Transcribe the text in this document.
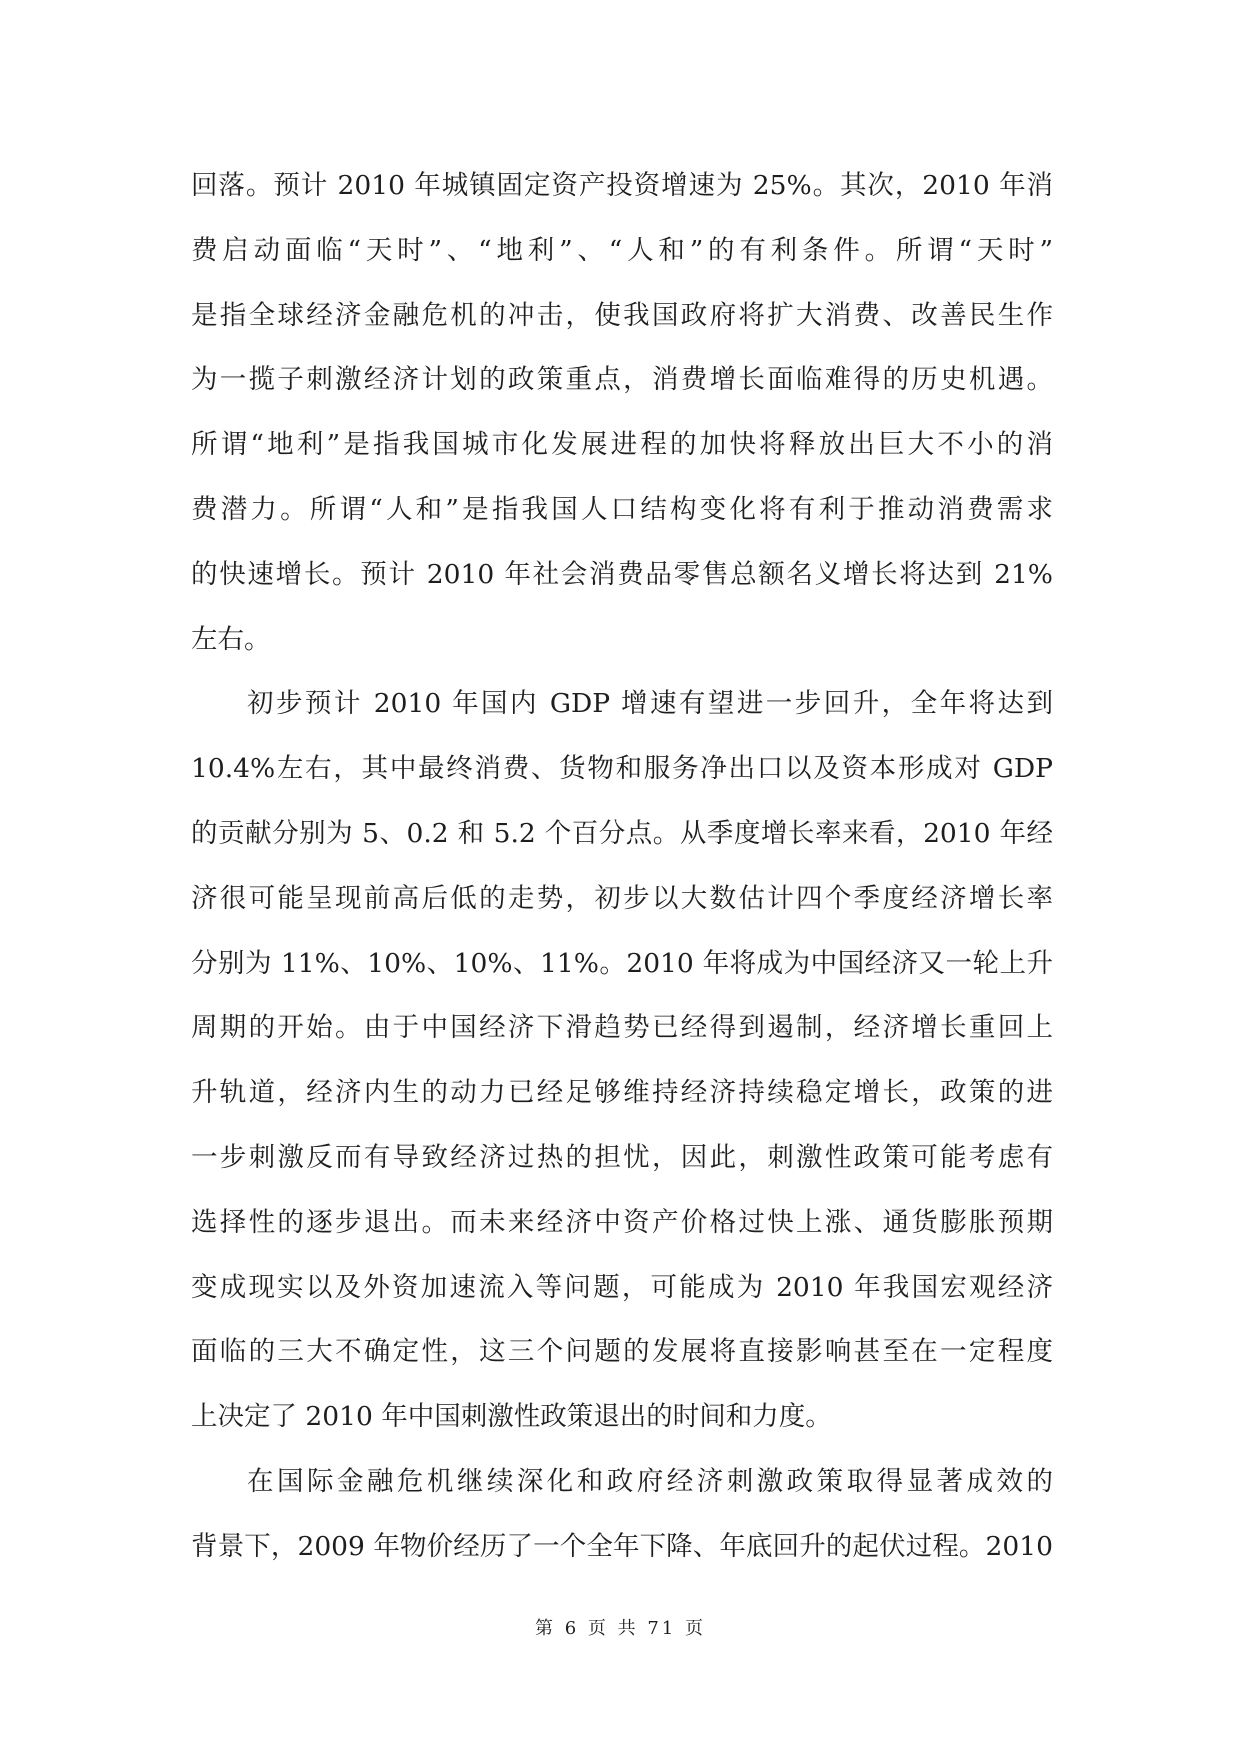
回落。预计 2010 年城镇固定资产投资增速为 25%。其次，2010 年消
费启动面临“天时”、“地利”、“人和”的有利条件。所谓“天时”
是指全球经济金融危机的冲击，使我国政府将扩大消费、改善民生作
为一揽子刺激经济计划的政策重点，消费增长面临难得的历史机遇。
所谓“地利”是指我国城市化发展进程的加快将释放出巨大不小的消
费潜力。所谓“人和”是指我国人口结构变化将有利于推动消费需求
的快速增长。预计 2010 年社会消费品零售总额名义增长将达到 21%
左右。
初步预计 2010 年国内 GDP 增速有望进一步回升，全年将达到
10.4%左右，其中最终消费、货物和服务净出口以及资本形成对 GDP
的贡献分别为 5、0.2 和 5.2 个百分点。从季度增长率来看，2010 年经
济很可能呈现前高后低的走势，初步以大数估计四个季度经济增长率
分别为 11%、10%、10%、11%。2010 年将成为中国经济又一轮上升
周期的开始。由于中国经济下滑趋势已经得到遏制，经济增长重回上
升轨道，经济内生的动力已经足够维持经济持续稳定增长，政策的进
一步刺激反而有导致经济过热的担忧，因此，刺激性政策可能考虑有
选择性的逐步退出。而未来经济中资产价格过快上涨、通货膨胀预期
变成现实以及外资加速流入等问题，可能成为 2010 年我国宏观经济
面临的三大不确定性，这三个问题的发展将直接影响甚至在一定程度
上决定了 2010 年中国刺激性政策退出的时间和力度。
在国际金融危机继续深化和政府经济刺激政策取得显著成效的
背景下，2009 年物价经历了一个全年下降、年底回升的起伏过程。2010
第 6 页 共 71 页
